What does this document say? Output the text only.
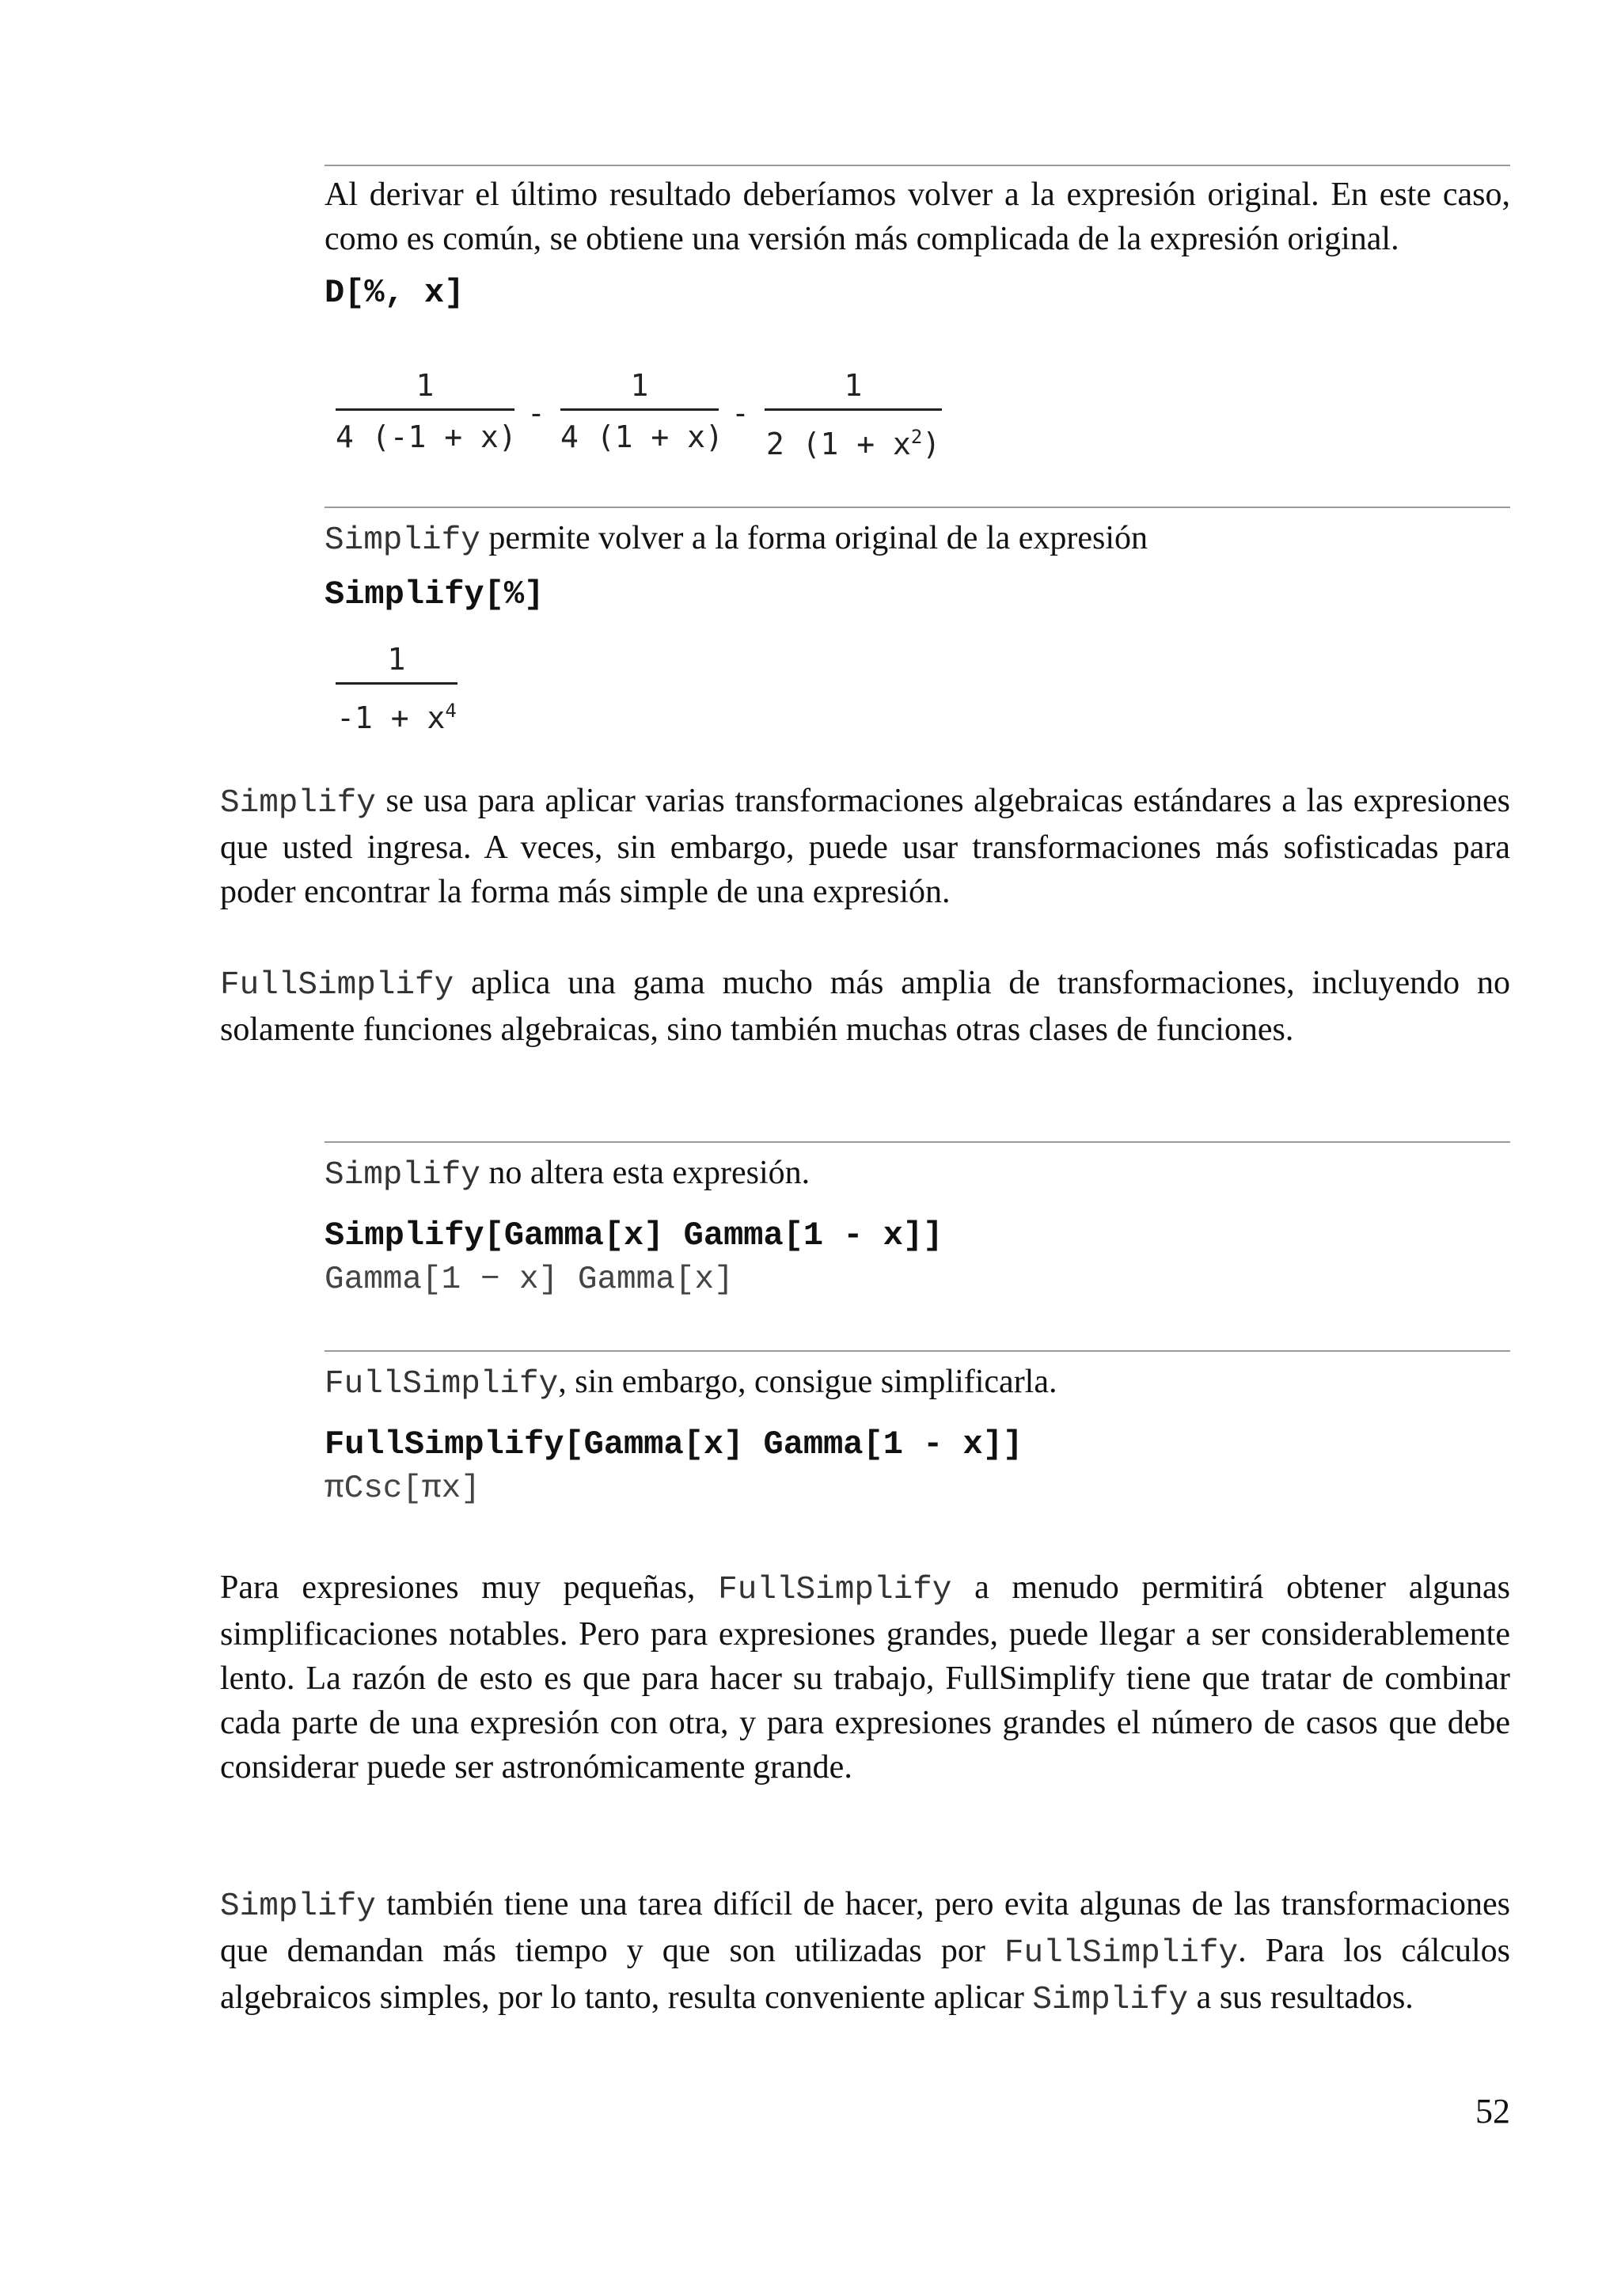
Al derivar el último resultado deberíamos volver a la expresión original. En este caso, como es común, se obtiene una versión más complicada de la expresión original.

D[%, x]

1
4 (-1 + x)
-
1
4 (1 + x)
-
1
2 $(1 + x^2)$

Simplify permite volver a la forma original de la expresión

Simplify[%]

1
$-1 + x^4$

Simplify se usa para aplicar varias transformaciones algebraicas estándares a las expresiones que usted ingresa. A veces, sin embargo, puede usar transformaciones más sofisticadas para poder encontrar la forma más simple de una expresión.

FullSimplify aplica una gama mucho más amplia de transformaciones, incluyendo no solamente funciones algebraicas, sino también muchas otras clases de funciones.

Simplify no altera esta expresión.

Simplify[Gamma[x] Gamma[1 - x]]

Gamma[1 − x] Gamma[x]

FullSimplify, sin embargo, consigue simplificarla.

FullSimplify[Gamma[x] Gamma[1 - x]]

πCsc[πx]

Para expresiones muy pequeñas, FullSimplify a menudo permitirá obtener algunas simplificaciones notables. Pero para expresiones grandes, puede llegar a ser considerablemente lento. La razón de esto es que para hacer su trabajo, FullSimplify tiene que tratar de combinar cada parte de una expresión con otra, y para expresiones grandes el número de casos que debe considerar puede ser astronómicamente grande.

Simplify también tiene una tarea difícil de hacer, pero evita algunas de las transformaciones que demandan más tiempo y que son utilizadas por FullSimplify. Para los cálculos algebraicos simples, por lo tanto, resulta conveniente aplicar Simplify a sus resultados.

52
